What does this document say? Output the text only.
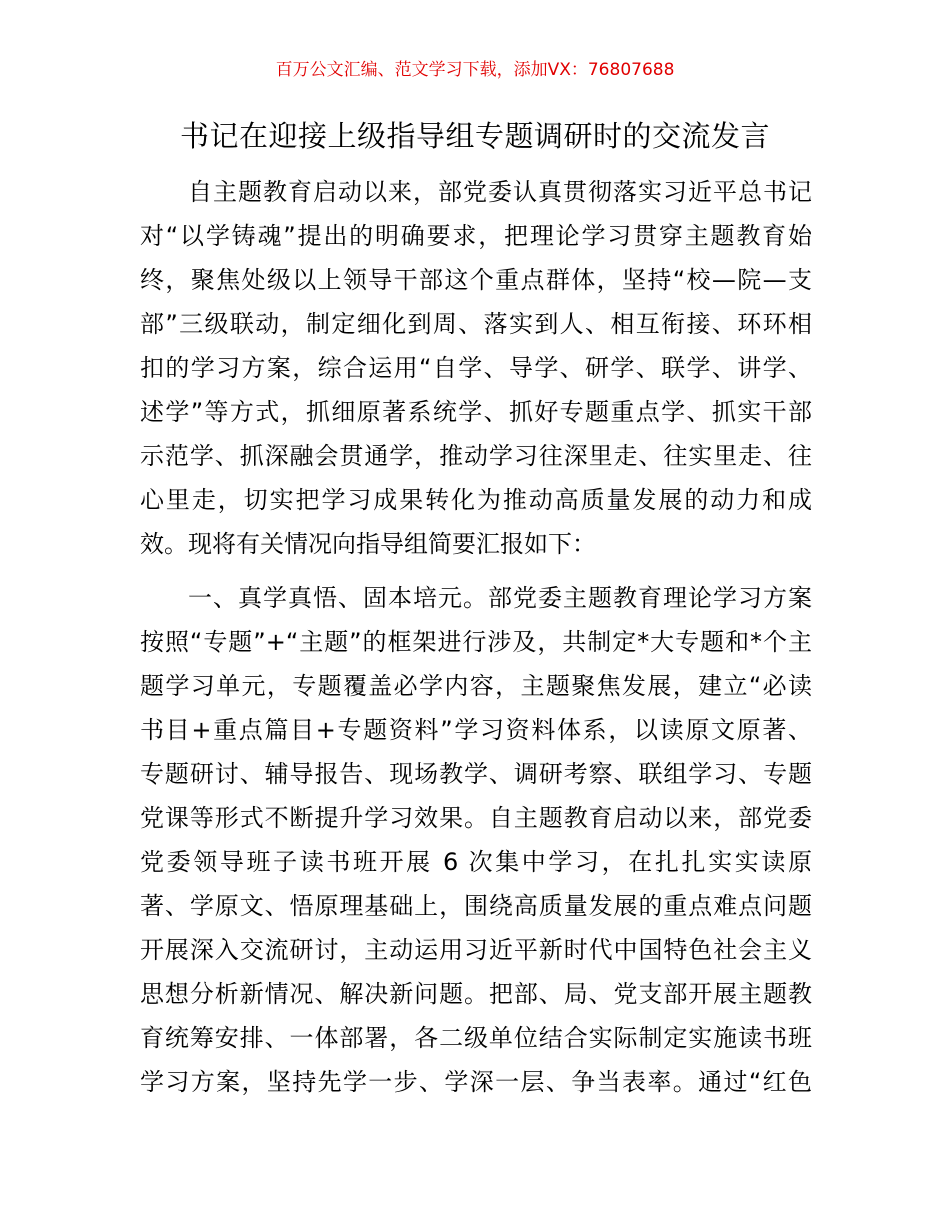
百万公文汇编、范文学习下载，添加VX：76807688
书记在迎接上级指导组专题调研时的交流发言
自主题教育启动以来，部党委认真贯彻落实习近平总书记
对“以学铸魂”提出的明确要求，把理论学习贯穿主题教育始
终，聚焦处级以上领导干部这个重点群体，坚持“校—院—支
部”三级联动，制定细化到周、落实到人、相互衔接、环环相
扣的学习方案，综合运用“自学、导学、研学、联学、讲学、
述学”等方式，抓细原著系统学、抓好专题重点学、抓实干部
示范学、抓深融会贯通学，推动学习往深里走、往实里走、往
心里走，切实把学习成果转化为推动高质量发展的动力和成
效。现将有关情况向指导组简要汇报如下：
一、真学真悟、固本培元。部党委主题教育理论学习方案
按照“专题”+“主题”的框架进行涉及，共制定*大专题和*个主
题学习单元，专题覆盖必学内容，主题聚焦发展，建立“必读
书目+重点篇目+专题资料”学习资料体系，以读原文原著、
专题研讨、辅导报告、现场教学、调研考察、联组学习、专题
党课等形式不断提升学习效果。自主题教育启动以来，部党委
党委领导班子读书班开展 6 次集中学习，在扎扎实实读原
著、学原文、悟原理基础上，围绕高质量发展的重点难点问题
开展深入交流研讨，主动运用习近平新时代中国特色社会主义
思想分析新情况、解决新问题。把部、局、党支部开展主题教
育统筹安排、一体部署，各二级单位结合实际制定实施读书班
学习方案，坚持先学一步、学深一层、争当表率。通过“红色
